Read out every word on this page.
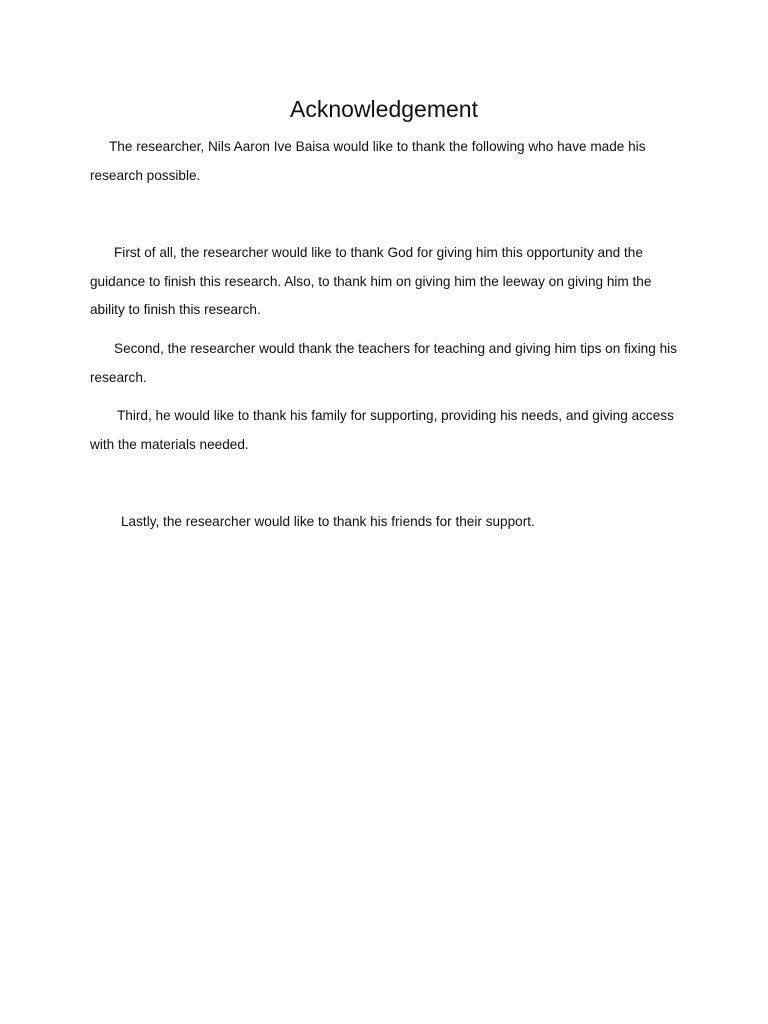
Acknowledgement

The researcher, Nils Aaron Ive Baisa would like to thank the following who have made his research possible.

First of all, the researcher would like to thank God for giving him this opportunity and the guidance to finish this research. Also, to thank him on giving him the leeway on giving him the ability to finish this research.

Second, the researcher would thank the teachers for teaching and giving him tips on fixing his research.

Third, he would like to thank his family for supporting, providing his needs, and giving access with the materials needed.

Lastly, the researcher would like to thank his friends for their support.
